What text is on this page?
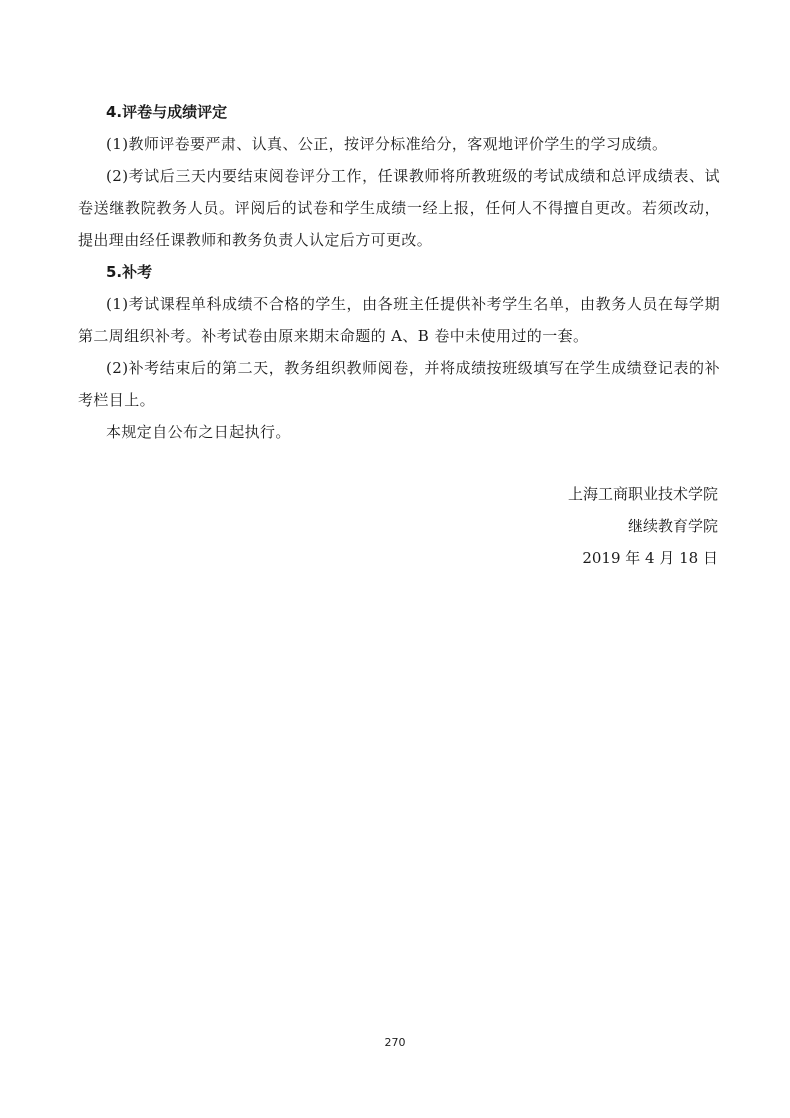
4.评卷与成绩评定

(1)教师评卷要严肃、认真、公正，按评分标准给分，客观地评价学生的学习成绩。

(2)考试后三天内要结束阅卷评分工作，任课教师将所教班级的考试成绩和总评成绩表、试卷送继教院教务人员。评阅后的试卷和学生成绩一经上报，任何人不得擅自更改。若须改动，提出理由经任课教师和教务负责人认定后方可更改。

5.补考

(1)考试课程单科成绩不合格的学生，由各班主任提供补考学生名单，由教务人员在每学期第二周组织补考。补考试卷由原来期末命题的 A、B 卷中未使用过的一套。

(2)补考结束后的第二天，教务组织教师阅卷，并将成绩按班级填写在学生成绩登记表的补考栏目上。

本规定自公布之日起执行。

上海工商职业技术学院
继续教育学院
2019 年 4 月 18 日
270
